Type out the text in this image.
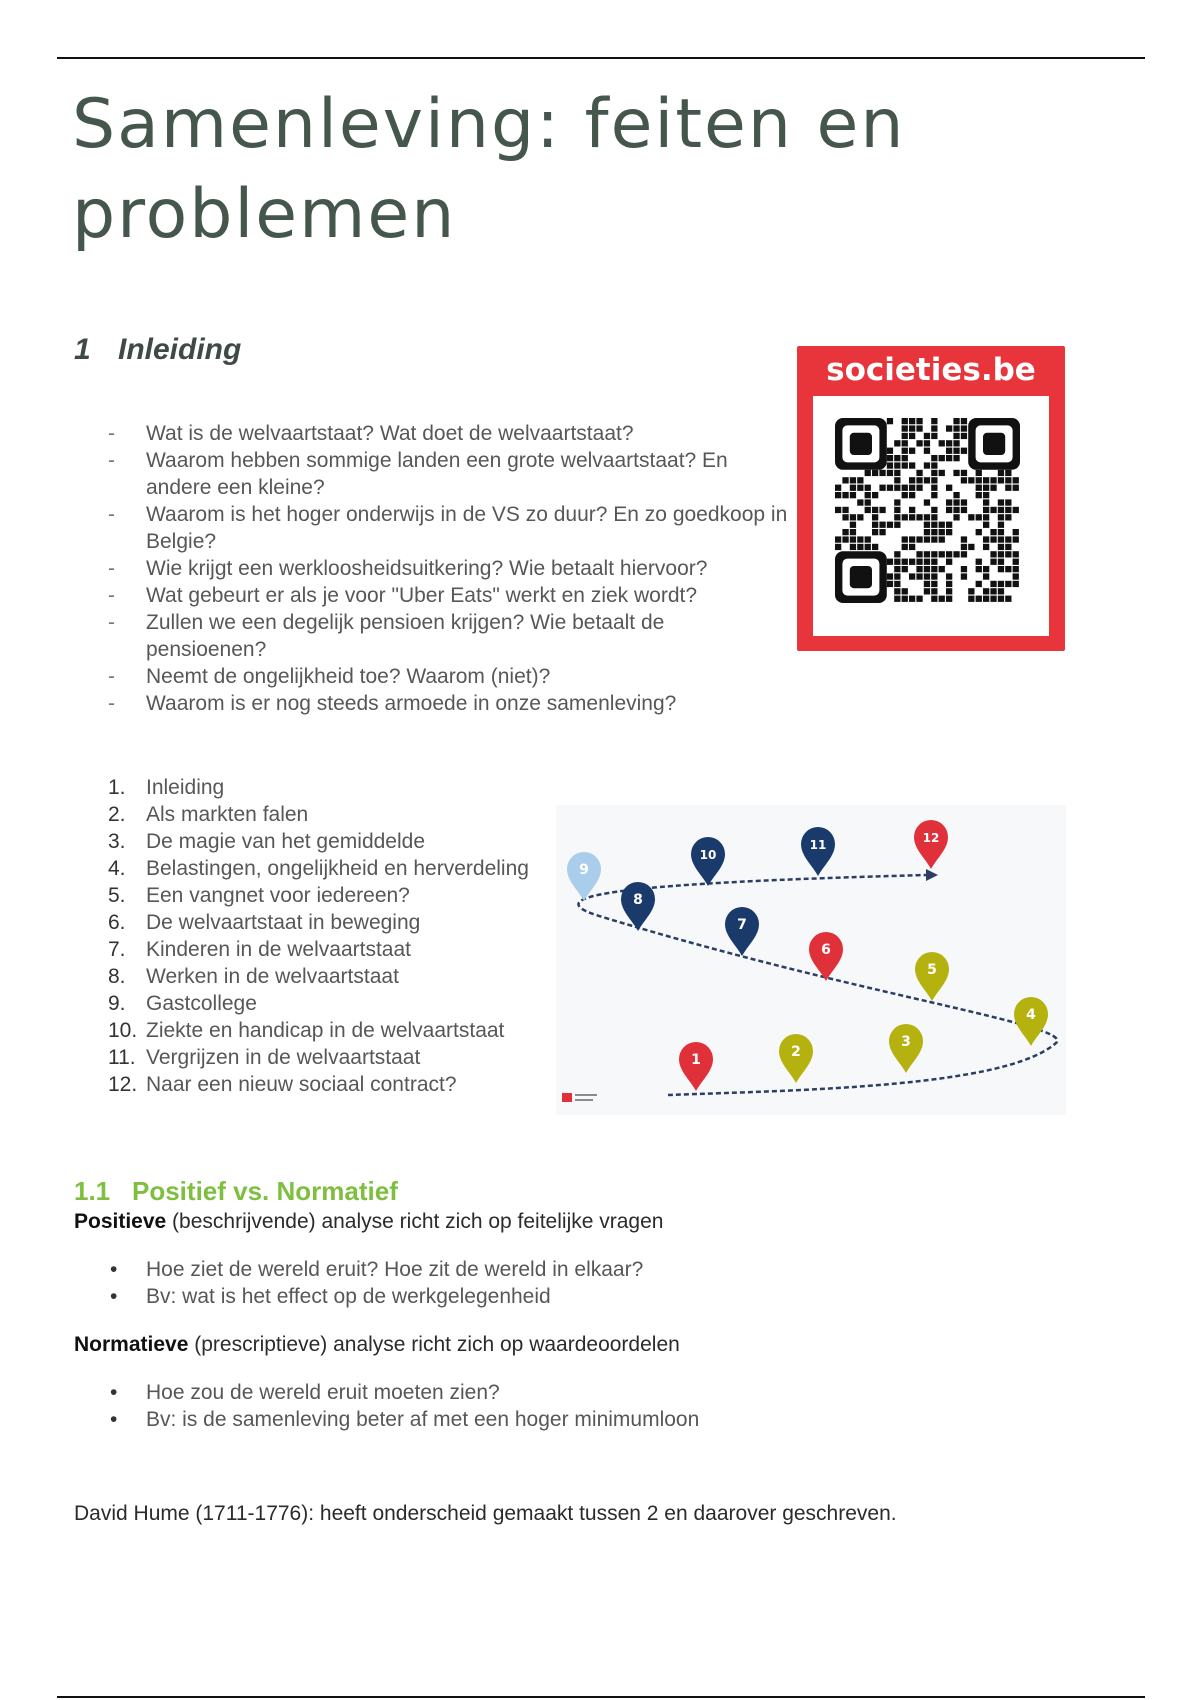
Samenleving: feiten en problemen
1 Inleiding
societies.be
- Wat is de welvaartstaat? Wat doet de welvaartstaat?
- Waarom hebben sommige landen een grote welvaartstaat? En andere een kleine?
- Waarom is het hoger onderwijs in de VS zo duur? En zo goedkoop in Belgie?
- Wie krijgt een werkloosheidsuitkering? Wie betaalt hiervoor?
- Wat gebeurt er als je voor "Uber Eats" werkt en ziek wordt?
- Zullen we een degelijk pensioen krijgen? Wie betaalt de pensioenen?
- Neemt de ongelijkheid toe? Waarom (niet)?
- Waarom is er nog steeds armoede in onze samenleving?
1. Inleiding
2. Als markten falen
3. De magie van het gemiddelde
4. Belastingen, ongelijkheid en herverdeling
5. Een vangnet voor iedereen?
6. De welvaartstaat in beweging
7. Kinderen in de welvaartstaat
8. Werken in de welvaartstaat
9. Gastcollege
10. Ziekte en handicap in de welvaartstaat
11. Vergrijzen in de welvaartstaat
12. Naar een nieuw sociaal contract?
1	2
3
4
5
6
7
8
9
10
11	12
1.1 Positief vs. Normatief

Positieve (beschrijvende) analyse richt zich op feitelijke vragen

• Hoe ziet de wereld eruit? Hoe zit de wereld in elkaar?
• Bv: wat is het effect op de werkgelegenheid

Normatieve (prescriptieve) analyse richt zich op waardeoordelen

• Hoe zou de wereld eruit moeten zien?
• Bv: is de samenleving beter af met een hoger minimumloon

David Hume (1711-1776): heeft onderscheid gemaakt tussen 2 en daarover geschreven.
